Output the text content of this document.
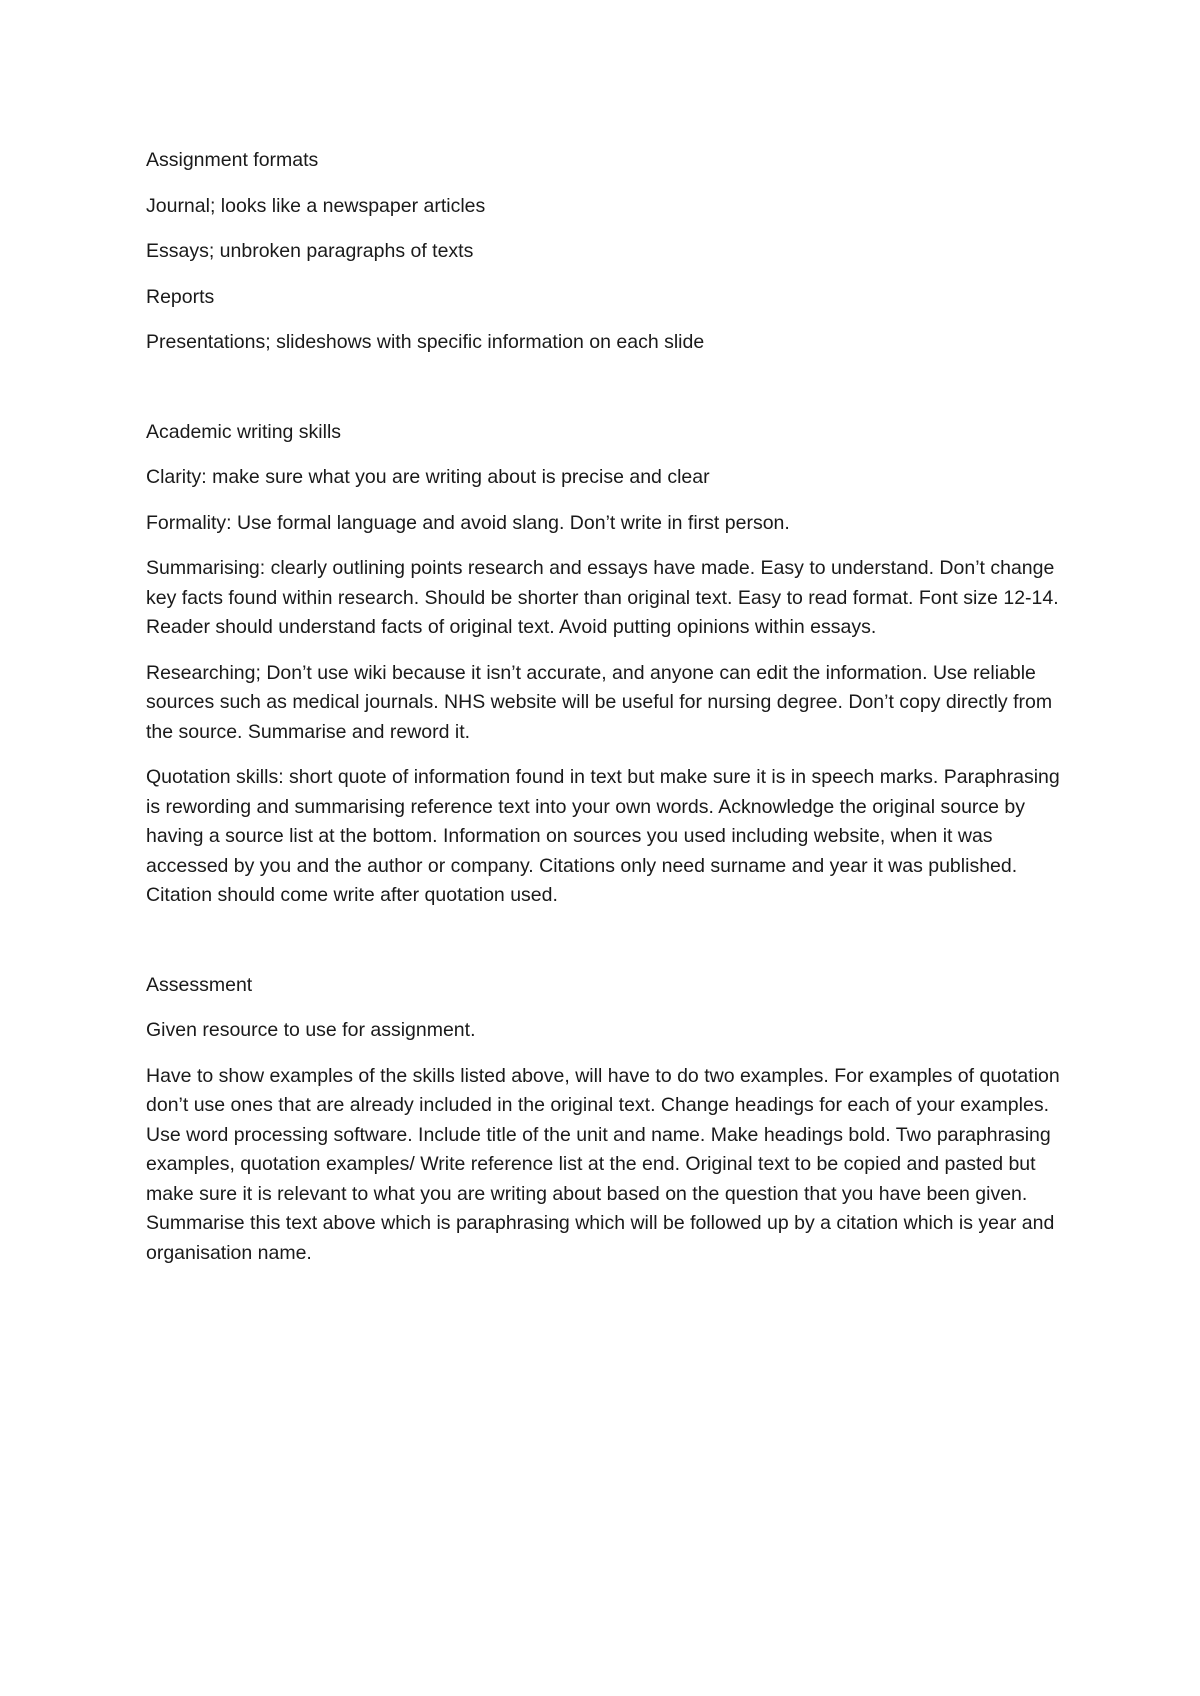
Assignment formats

Journal; looks like a newspaper articles

Essays; unbroken paragraphs of texts

Reports

Presentations; slideshows with specific information on each slide

Academic writing skills

Clarity: make sure what you are writing about is precise and clear

Formality: Use formal language and avoid slang. Don’t write in first person.

Summarising: clearly outlining points research and essays have made. Easy to understand. Don’t change key facts found within research. Should be shorter than original text. Easy to read format. Font size 12-14. Reader should understand facts of original text. Avoid putting opinions within essays.

Researching; Don’t use wiki because it isn’t accurate, and anyone can edit the information. Use reliable sources such as medical journals. NHS website will be useful for nursing degree. Don’t copy directly from the source. Summarise and reword it.

Quotation skills: short quote of information found in text but make sure it is in speech marks. Paraphrasing is rewording and summarising reference text into your own words. Acknowledge the original source by having a source list at the bottom. Information on sources you used including website, when it was accessed by you and the author or company. Citations only need surname and year it was published. Citation should come write after quotation used.

Assessment

Given resource to use for assignment.

Have to show examples of the skills listed above, will have to do two examples. For examples of quotation don’t use ones that are already included in the original text. Change headings for each of your examples. Use word processing software. Include title of the unit and name. Make headings bold. Two paraphrasing examples, quotation examples/ Write reference list at the end. Original text to be copied and pasted but make sure it is relevant to what you are writing about based on the question that you have been given. Summarise this text above which is paraphrasing which will be followed up by a citation which is year and organisation name.
